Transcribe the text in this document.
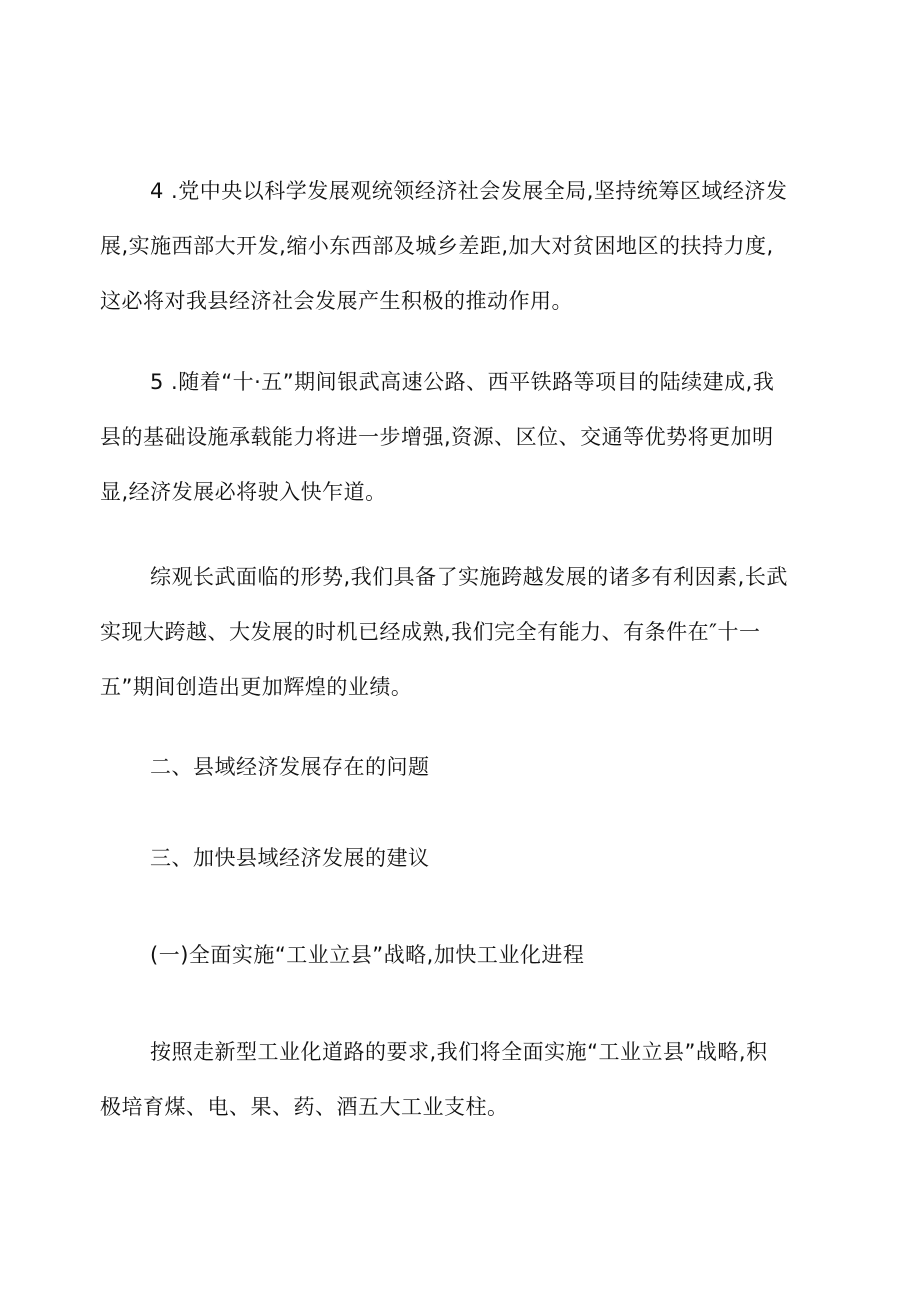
4 .党中央以科学发展观统领经济社会发展全局,坚持统筹区域经济发
展,实施西部大开发,缩小东西部及城乡差距,加大对贫困地区的扶持力度,
这必将对我县经济社会发展产生积极的推动作用。

5 .随着“十·五”期间银武高速公路、西平铁路等项目的陆续建成,我
县的基础设施承载能力将进一步增强,资源、区位、交通等优势将更加明
显,经济发展必将驶入快乍道。

综观长武面临的形势,我们具备了实施跨越发展的诸多有利因素,长武
实现大跨越、大发展的时机已经成熟,我们完全有能力、有条件在″十一
五”期间创造出更加辉煌的业绩。

二、县域经济发展存在的问题

三、加快县域经济发展的建议

(一)全面实施“工业立县”战略,加快工业化进程

按照走新型工业化道路的要求,我们将全面实施“工业立县”战略,积
极培育煤、电、果、药、酒五大工业支柱。
